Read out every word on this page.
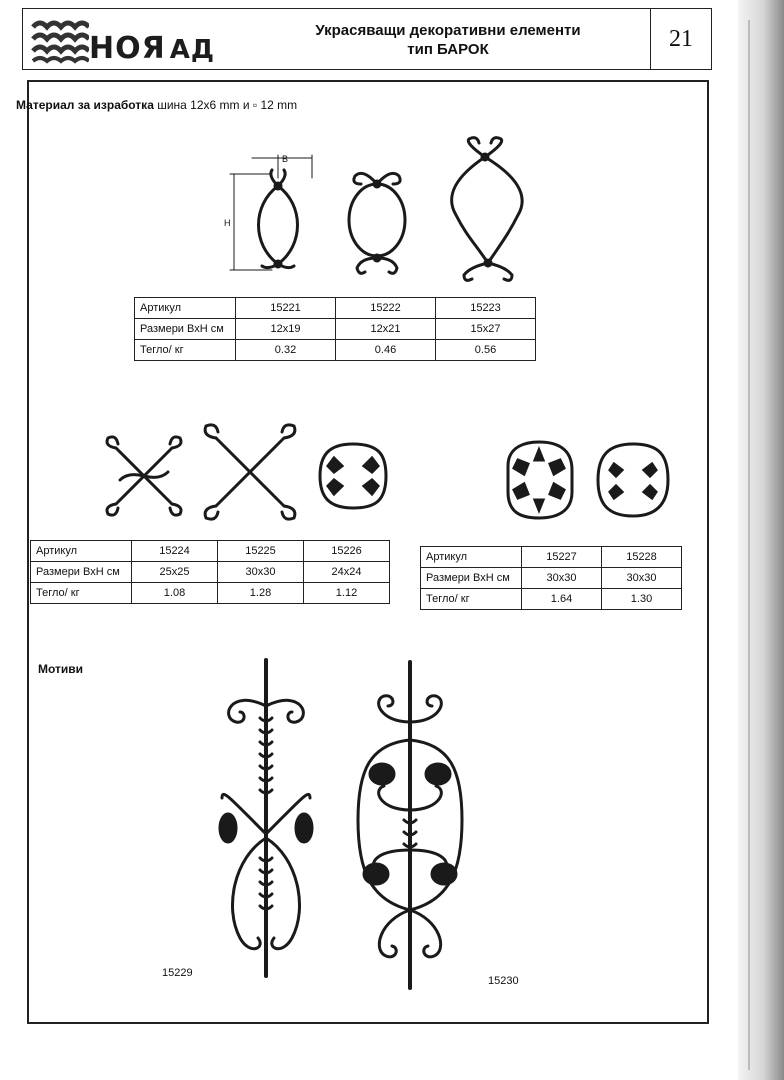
НОЯ АД
Украсяващи декоративни елементи
тип БАРОК	21
Материал за изработка шина 12x6 mm и ▫ 12 mm
B
H
Артикул	15221	15222	15223
Размери ВхН см	12x19	12x21	15x27
Тегло/ кг	0.32	0.46	0.56
Артикул	15224	15225	15226
Размери ВхН см	25x25	30x30	24x24
Тегло/ кг	1.08	1.28	1.12
Артикул	15227	15228
Размери ВхН см	30x30	30x30
Тегло/ кг	1.64	1.30
Мотиви
15229
15230
